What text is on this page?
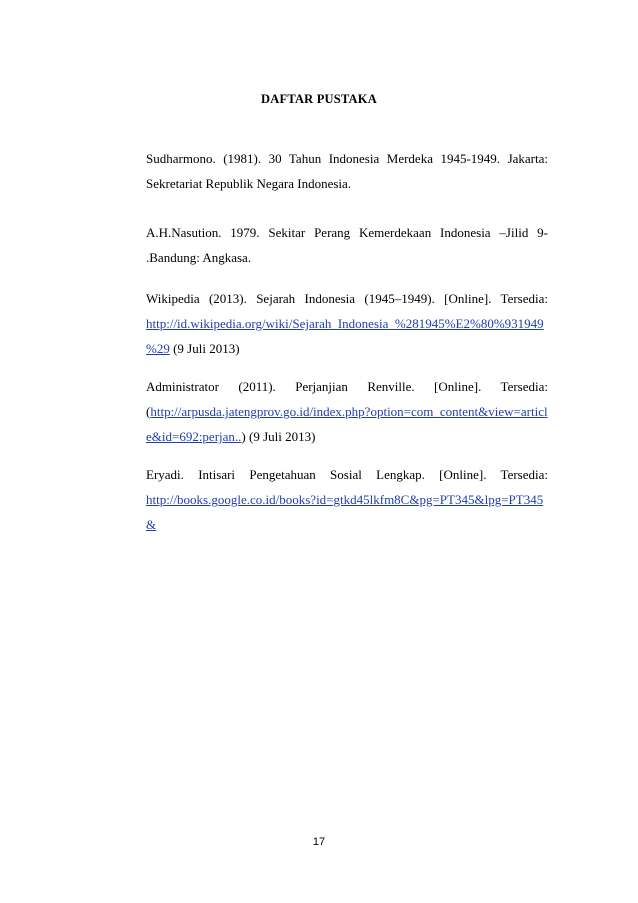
DAFTAR PUSTAKA
Sudharmono. (1981). 30 Tahun Indonesia Merdeka 1945-1949. Jakarta:
Sekretariat Republik Negara Indonesia.
A.H.Nasution. 1979. Sekitar Perang Kemerdekaan Indonesia –Jilid 9-
.Bandung: Angkasa.
Wikipedia (2013). Sejarah Indonesia (1945–1949). [Online]. Tersedia:
http://id.wikipedia.org/wiki/Sejarah_Indonesia_%281945%E2%80%931949
%29 (9 Juli 2013)
Administrator (2011). Perjanjian Renville. [Online]. Tersedia:
(http://arpusda.jatengprov.go.id/index.php?option=com_content&view=articl
e&id=692:perjan..) (9 Juli 2013)
Eryadi. Intisari Pengetahuan Sosial Lengkap. [Online]. Tersedia:
http://books.google.co.id/books?id=gtkd45lkfm8C&pg=PT345&lpg=PT345
&
17
